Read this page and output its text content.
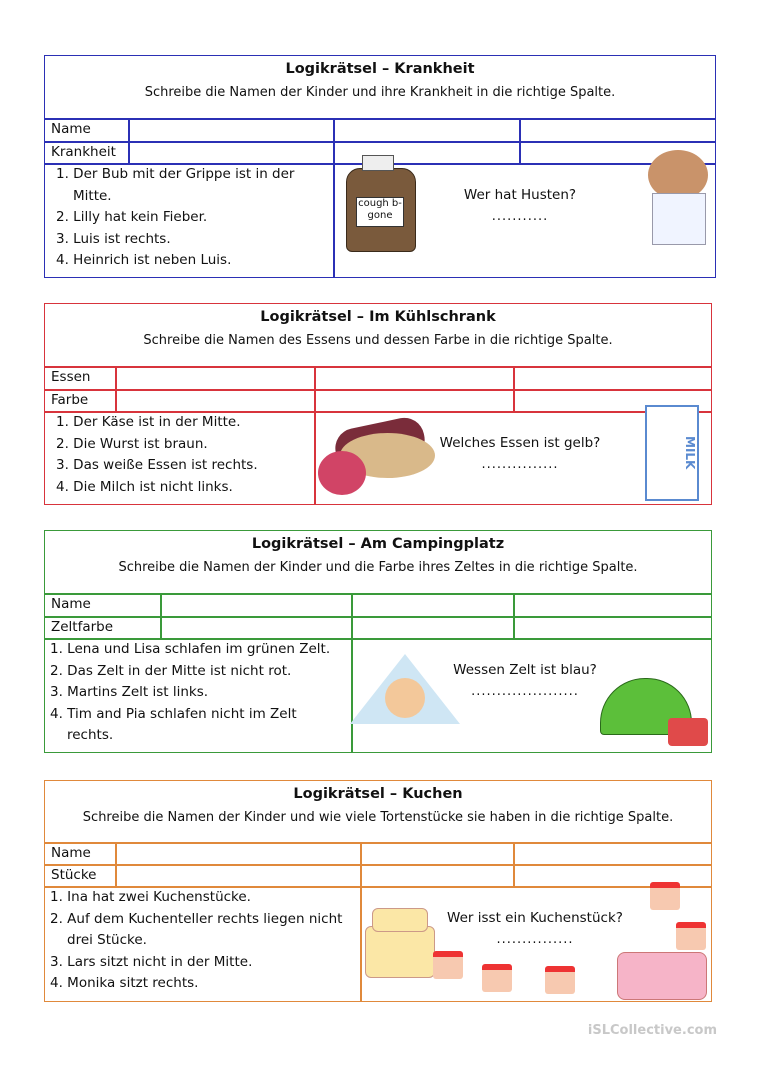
iSLCollective.com
Logikrätsel – Krankheit
Schreibe die Namen der Kinder und ihre Krankheit in die richtige Spalte.
Name
Krankheit
1. Der Bub mit der Grippe ist in der Mitte.
2. Lilly hat kein Fieber.
3. Luis ist rechts.
4. Heinrich ist neben Luis.
Wer hat Husten?
...........
cough b-gone
Logikrätsel – Im Kühlschrank
Schreibe die Namen des Essens und dessen Farbe in die richtige Spalte.
Essen
Farbe
1. Der Käse ist in der Mitte.
2. Die Wurst ist braun.
3. Das weiße Essen ist rechts.
4. Die Milch ist nicht links.
Welches Essen ist gelb?
...............	MILK
Logikrätsel – Am Campingplatz
Schreibe die Namen der Kinder und die Farbe ihres Zeltes in die richtige Spalte.
Name
Zeltfarbe
1. Lena und Lisa schlafen im grünen Zelt.
2. Das Zelt in der Mitte ist nicht rot.
3. Martins Zelt ist links.
4. Tim and Pia schlafen nicht im Zelt rechts.
Wessen Zelt ist blau?
.....................
Logikrätsel – Kuchen
Schreibe die Namen der Kinder und wie viele Tortenstücke sie haben in die richtige Spalte.
Name
Stücke
1. Ina hat zwei Kuchenstücke.
2. Auf dem Kuchenteller rechts liegen nicht drei Stücke.
3. Lars sitzt nicht in der Mitte.
4. Monika sitzt rechts.
Wer isst ein Kuchenstück?
...............
